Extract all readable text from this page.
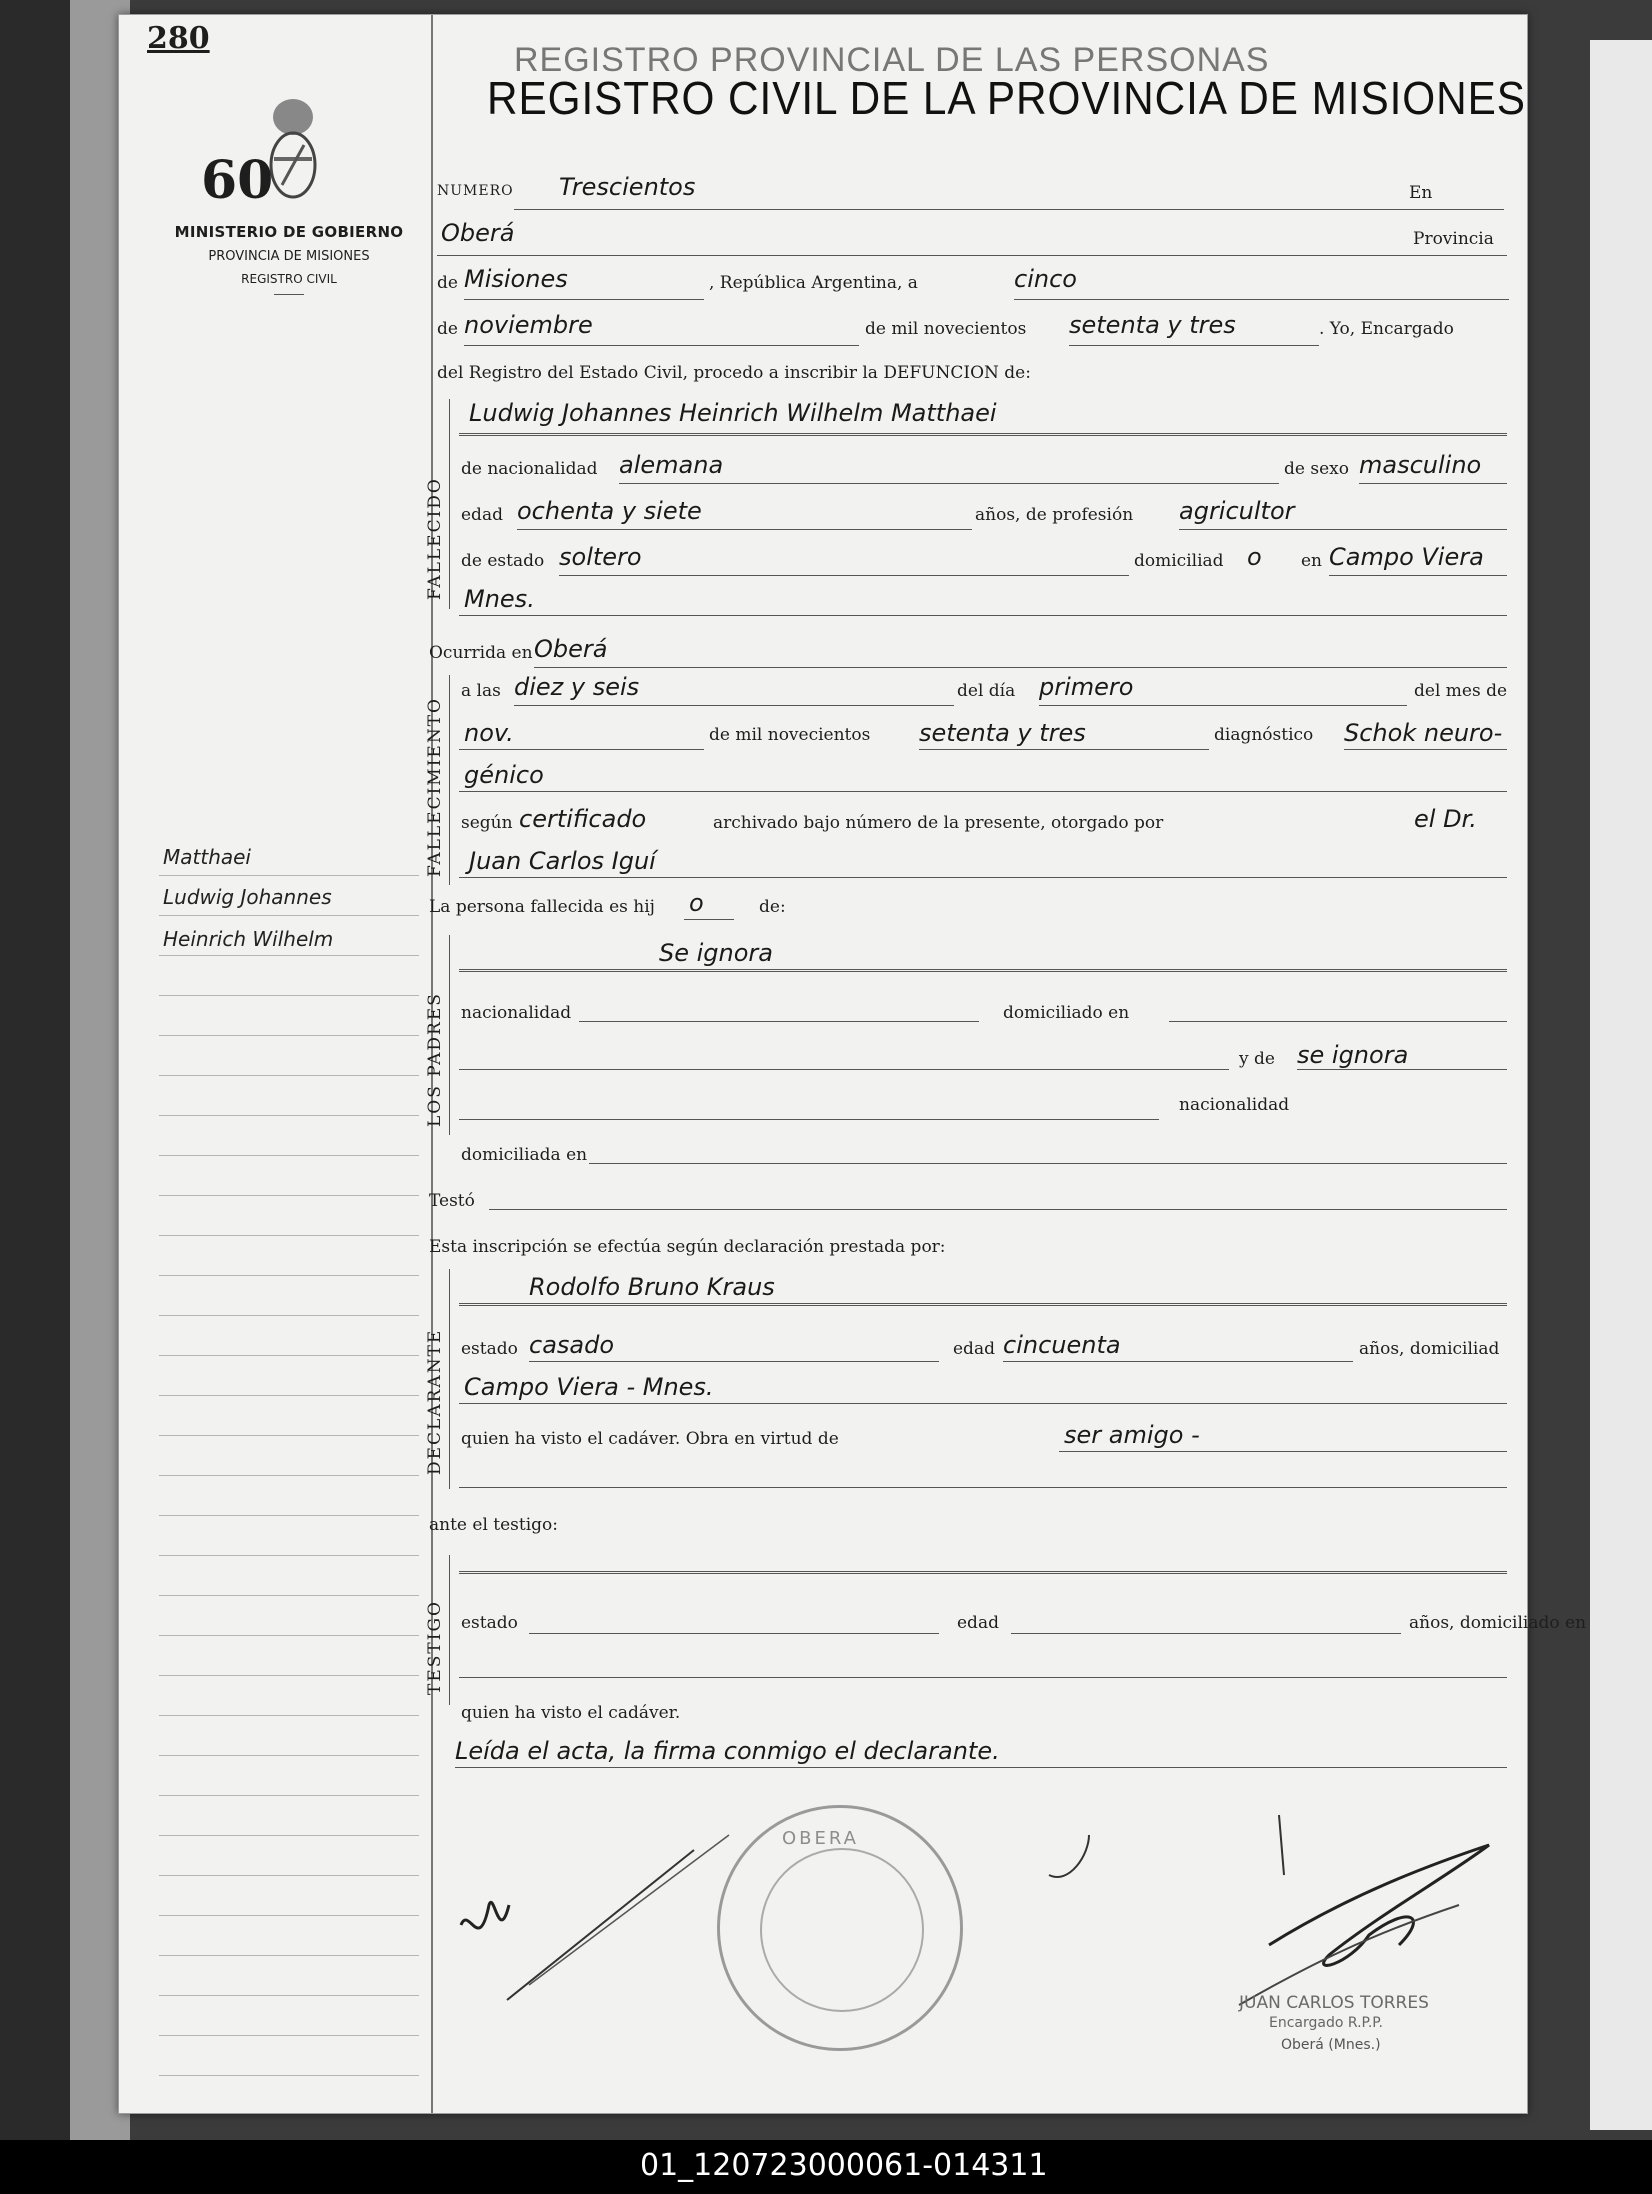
280
60
MINISTERIO DE GOBIERNO
PROVINCIA DE MISIONES
REGISTRO CIVIL
Matthaei
Ludwig Johannes
Heinrich Wilhelm
REGISTRO PROVINCIAL DE LAS PERSONAS
REGISTRO CIVIL DE LA PROVINCIA DE MISIONES
NUMERO Trescientos	En
Oberá	Provincia
de Misiones	, República Argentina, a	cinco
de noviembre	de mil novecientos setenta y tres	. Yo, Encargado
del Registro del Estado Civil, procedo a inscribir la DEFUNCION de:
FALLECIDO
Ludwig Johannes Heinrich Wilhelm Matthaei
de nacionalidad alemana	de sexo masculino
edad ochenta y siete	años, de profesión agricultor
de estado soltero	domiciliad o en Campo Viera
Mnes.
Ocurrida en Oberá
FALLECIMIENTO
a las diez y seis	del día primero	del mes de
nov.	de mil novecientos setenta y tres	diagnóstico Schok neuro-
génico
según certificado	archivado bajo número de la presente, otorgado por	el Dr.
Juan Carlos Iguí
La persona fallecida es hij o	de:
LOS PADRES
Se ignora
nacionalidad	domiciliado en
y de se ignora
nacionalidad
domiciliada en
Testó
Esta inscripción se efectúa según declaración prestada por:
DECLARANTE
Rodolfo Bruno Kraus
estado casado	edad cincuenta	años, domiciliad
Campo Viera - Mnes.
quien ha visto el cadáver. Obra en virtud de	ser amigo -
ante el testigo:
TESTIGO estado	edad	años, domiciliado en
quien ha visto el cadáver.
Leída el acta, la firma conmigo el declarante.
OBERA
JUAN CARLOS TORRES
Encargado R.P.P.
Oberá (Mnes.)
01_120723000061-014311
